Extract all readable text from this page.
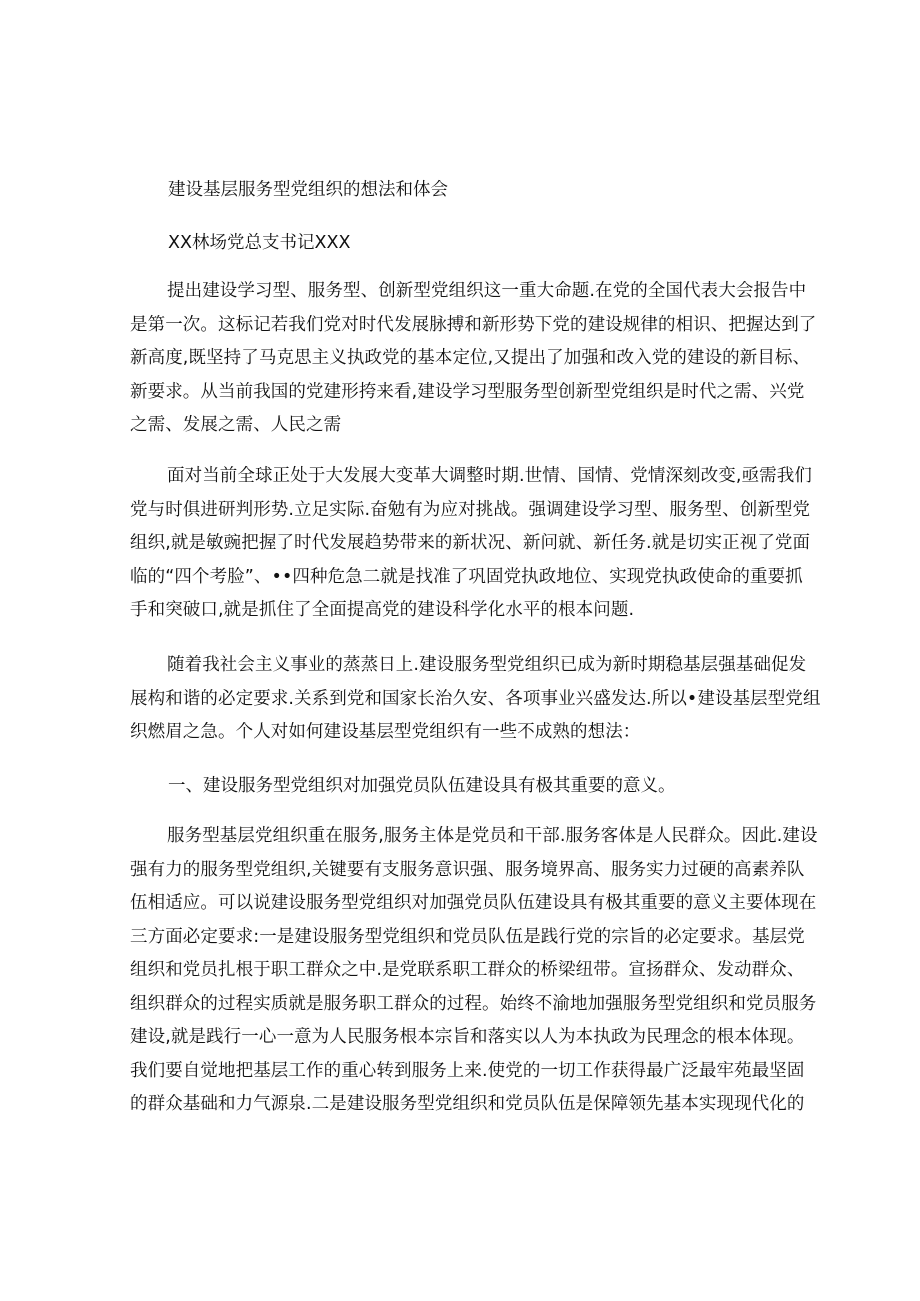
建设基层服务型党组织的想法和体会

XX林场党总支书记XXX

提出建设学习型、服务型、创新型党组织这一重大命题.在党的全国代表大会报告中
是第一次。这标记若我们党对时代发展脉搏和新形势下党的建设规律的相识、把握达到了
新高度,既坚持了马克思主义执政党的基本定位,又提出了加强和改入党的建设的新目标、
新要求。从当前我国的党建形挎来看,建设学习型服务型创新型党组织是时代之需、兴党
之需、发展之需、人民之需
面对当前全球正处于大发展大变革大调整时期.世情、国情、党情深刻改变,亟需我们
党与时俱进研判形势.立足实际.奋勉有为应对挑战。强调建设学习型、服务型、创新型党
组织,就是敏豌把握了时代发展趋势带来的新状况、新问就、新任务.就是切实正视了党面
临的“四个考脸”、••四种危急二就是找准了巩固党执政地位、实现党执政使命的重要抓
手和突破口,就是抓住了全面提高党的建设科学化水平的根本问题.
随着我社会主义事业的蒸蒸日上.建设服务型党组织已成为新时期稳基层强基础促发
展构和谐的必定要求.关系到党和国家长治久安、各项事业兴盛发达.所以•建设基层型党组
织燃眉之急。个人对如何建设基层型党组织有一些不成熟的想法：

一、建设服务型党组织对加强党员队伍建设具有极其重要的意义。

服务型基层党组织重在服务,服务主体是党员和干部.服务客体是人民群众。因此.建设
强有力的服务型党组织,关键要有支服务意识强、服务境界高、服务实力过硬的高素养队
伍相适应。可以说建设服务型党组织对加强党员队伍建设具有极其重要的意义主要体现在
三方面必定要求:一是建设服务型党组织和党员队伍是践行党的宗旨的必定要求。基层党
组织和党员扎根于职工群众之中.是党联系职工群众的桥梁纽带。宣扬群众、发动群众、
组织群众的过程实质就是服务职工群众的过程。始终不渝地加强服务型党组织和党员服务
建设,就是践行一心一意为人民服务根本宗旨和落实以人为本执政为民理念的根本体现。
我们要自觉地把基层工作的重心转到服务上来.使党的一切工作获得最广泛最牢苑最坚固
的群众基础和力气源泉.二是建设服务型党组织和党员队伍是保障领先基本实现现代化的
